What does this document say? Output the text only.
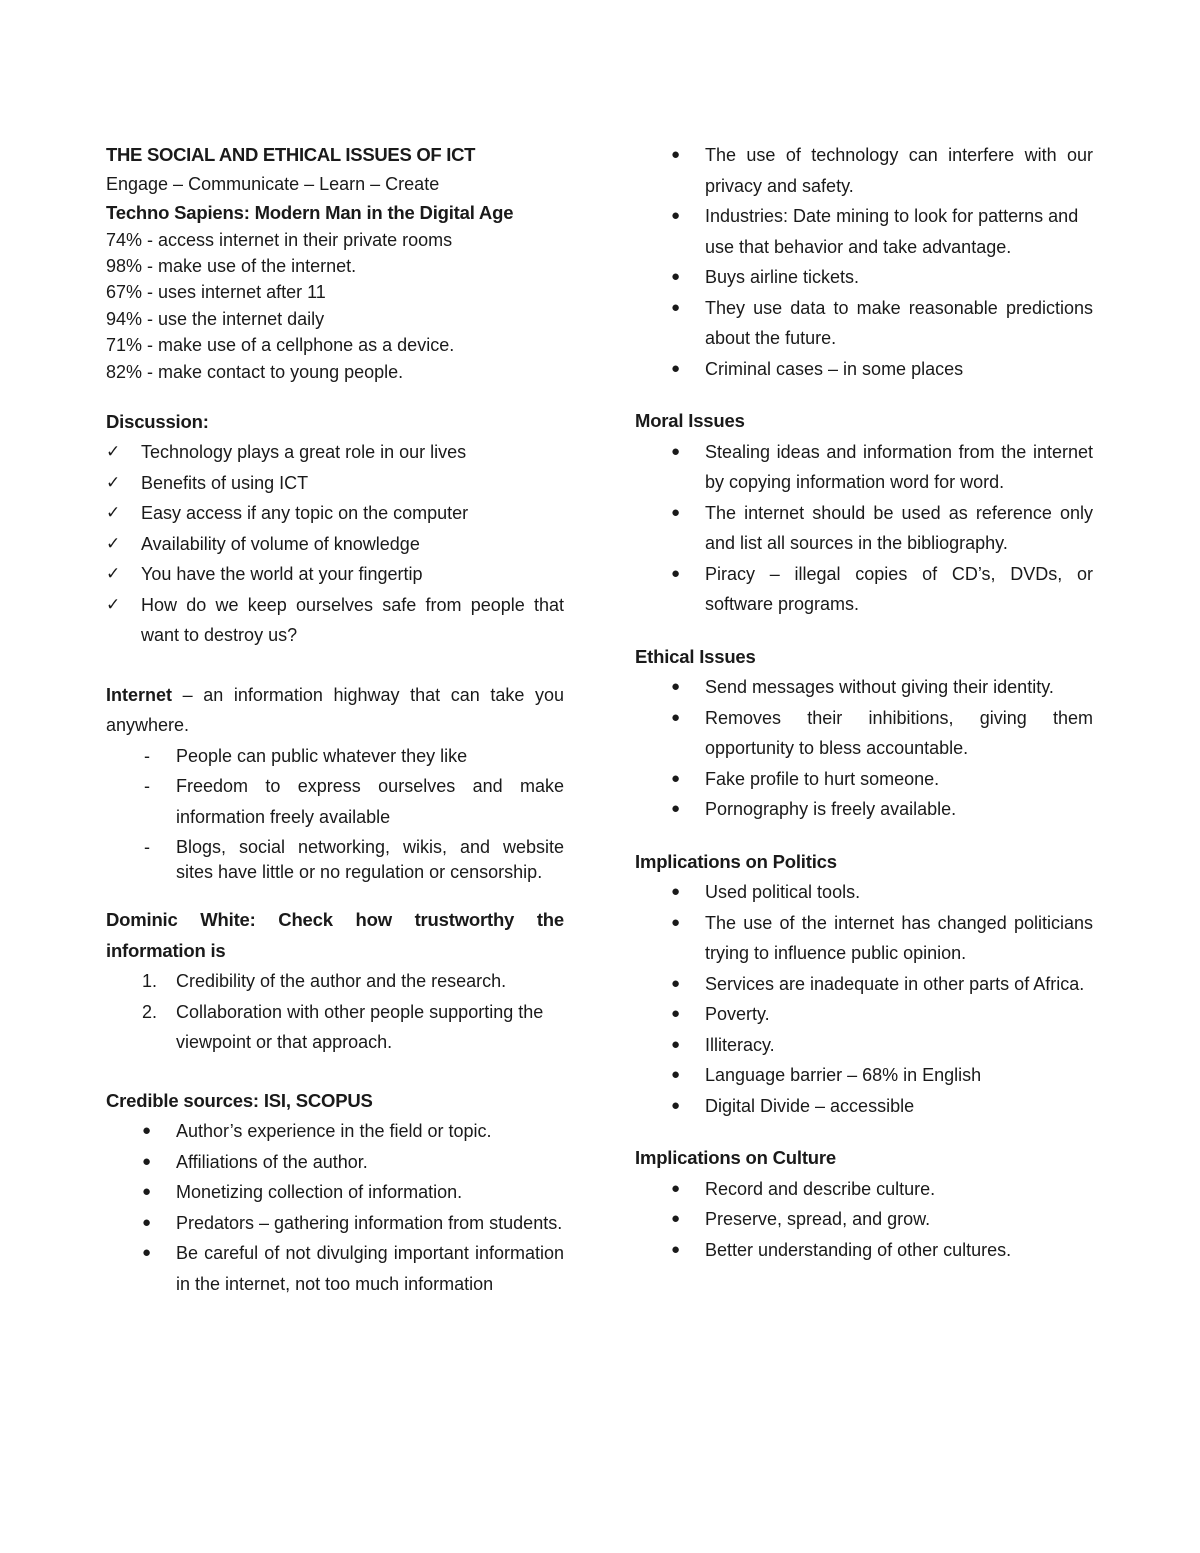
THE SOCIAL AND ETHICAL ISSUES OF ICT

Engage – Communicate – Learn – Create

Techno Sapiens: Modern Man in the Digital Age

74% - access internet in their private rooms

98% - make use of the internet.

67% - uses internet after 11

94% - use the internet daily

71% - make use of a cellphone as a device.

82% - make contact to young people.

Discussion:

✓ Technology plays a great role in our lives
✓ Benefits of using ICT
✓ Easy access if any topic on the computer
✓ Availability of volume of knowledge
✓ You have the world at your fingertip
✓ How do we keep ourselves safe from people that want to destroy us?

Internet – an information highway that can take you anywhere.

- People can public whatever they like
- Freedom to express ourselves and make information freely available
- Blogs, social networking, wikis, and website sites have little or no regulation or censorship.

Dominic White: Check how trustworthy the information is

1. Credibility of the author and the research.
2. Collaboration with other people supporting the viewpoint or that approach.

Credible sources: ISI, SCOPUS

● Author’s experience in the field or topic.
● Affiliations of the author.
● Monetizing collection of information.
● Predators – gathering information from students.
● Be careful of not divulging important information in the internet, not too much information
● The use of technology can interfere with our privacy and safety.
● Industries: Date mining to look for patterns and use that behavior and take advantage.
● Buys airline tickets.
● They use data to make reasonable predictions about the future.
● Criminal cases – in some places

Moral Issues

● Stealing ideas and information from the internet by copying information word for word.
● The internet should be used as reference only and list all sources in the bibliography.
● Piracy – illegal copies of CD’s, DVDs, or software programs.

Ethical Issues

● Send messages without giving their identity.
● Removes their inhibitions, giving them opportunity to bless accountable.
● Fake profile to hurt someone.
● Pornography is freely available.

Implications on Politics

● Used political tools.
● The use of the internet has changed politicians trying to influence public opinion.
● Services are inadequate in other parts of Africa.
● Poverty.
● Illiteracy.
● Language barrier – 68% in English
● Digital Divide – accessible

Implications on Culture

● Record and describe culture.
● Preserve, spread, and grow.
● Better understanding of other cultures.
